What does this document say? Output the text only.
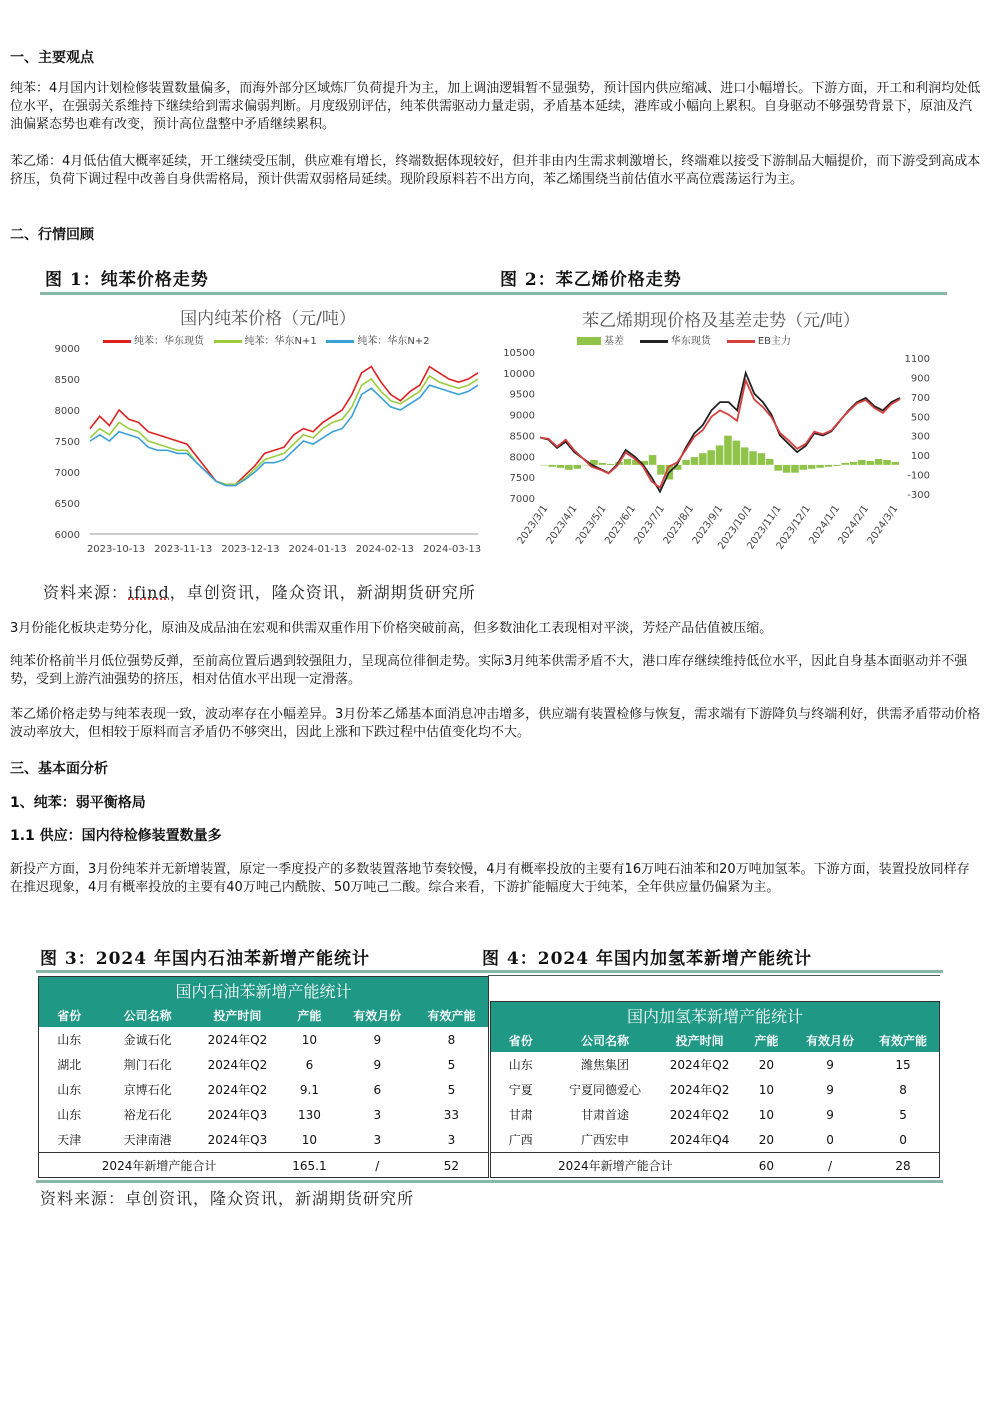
一、主要观点
纯苯：4月国内计划检修装置数量偏多，而海外部分区域炼厂负荷提升为主，加上调油逻辑暂不显强势，预计国内供应缩减、进口小幅增长。下游方面，开工和利润均处低位水平，在强弱关系维持下继续给到需求偏弱判断。月度级别评估，纯苯供需驱动力量走弱，矛盾基本延续，港库或小幅向上累积。自身驱动不够强势背景下，原油及汽油偏紧态势也难有改变，预计高位盘整中矛盾继续累积。
苯乙烯：4月低估值大概率延续，开工继续受压制，供应难有增长，终端数据体现较好，但并非由内生需求刺激增长，终端难以接受下游制品大幅提价，而下游受到高成本挤压，负荷下调过程中改善自身供需格局，预计供需双弱格局延续。现阶段原料若不出方向，苯乙烯围绕当前估值水平高位震荡运行为主。
二、行情回顾
图 1：纯苯价格走势	图 2：苯乙烯价格走势
国内纯苯价格（元/吨）
纯苯：华东现货	纯苯：华东N+1	纯苯：华东N+2
6000
6500
7000
7500
8000
8500
9000
2023-10-13 2023-11-13 2023-12-13 2024-01-13 2024-02-13 2024-03-13
苯乙烯期现价格及基差走势（元/吨）
基差	华东现货	EB主力
7000
7500
8000
8500
9000
9500
10000
10500
-300
-100
100
300
500
700
900
1100
2023/3/1
2023/4/1
2023/5/1
2023/6/1
2023/7/1
2023/8/1
2023/9/1
2023/10/1
2023/11/1
2023/12/1
2024/1/1
2024/2/1
2024/3/1
资料来源：ifind，卓创资讯，隆众资讯，新湖期货研究所
3月份能化板块走势分化，原油及成品油在宏观和供需双重作用下价格突破前高，但多数油化工表现相对平淡，芳烃产品估值被压缩。
纯苯价格前半月低位强势反弹，至前高位置后遇到较强阻力，呈现高位徘徊走势。实际3月纯苯供需矛盾不大，港口库存继续维持低位水平，因此自身基本面驱动并不强势，受到上游汽油强势的挤压，相对估值水平出现一定滑落。
苯乙烯价格走势与纯苯表现一致，波动率存在小幅差异。3月份苯乙烯基本面消息冲击增多，供应端有装置检修与恢复，需求端有下游降负与终端利好，供需矛盾带动价格波动率放大，但相较于原料而言矛盾仍不够突出，因此上涨和下跌过程中估值变化均不大。
三、基本面分析
1、纯苯：弱平衡格局
1.1 供应：国内待检修装置数量多
新投产方面，3月份纯苯并无新增装置，原定一季度投产的多数装置落地节奏较慢，4月有概率投放的主要有16万吨石油苯和20万吨加氢苯。下游方面，装置投放同样存在推迟现象，4月有概率投放的主要有40万吨己内酰胺、50万吨己二酸。综合来看，下游扩能幅度大于纯苯，全年供应量仍偏紧为主。
图 3：2024 年国内石油苯新增产能统计	图 4：2024 年国内加氢苯新增产能统计
国内石油苯新增产能统计					
省份	公司名称	投产时间	产能	有效月份	有效产能
山东	金诚石化	2024年Q2	10	9	8
湖北	荆门石化	2024年Q2	6	9	5
山东	京博石化	2024年Q2	9.1	6	5
山东	裕龙石化	2024年Q3	130	3	33
天津	天津南港	2024年Q3	10	3	3
2024年新增产能合计			165.1	/	52
国内加氢苯新增产能统计					
省份	公司名称	投产时间	产能	有效月份	有效产能
山东	潍焦集团	2024年Q2	20	9	15
宁夏	宁夏同德爱心	2024年Q2	10	9	8
甘肃	甘肃首途	2024年Q2	10	9	5
广西	广西宏申	2024年Q4	20	0	0
2024年新增产能合计			60	/	28
资料来源：卓创资讯，隆众资讯，新湖期货研究所
